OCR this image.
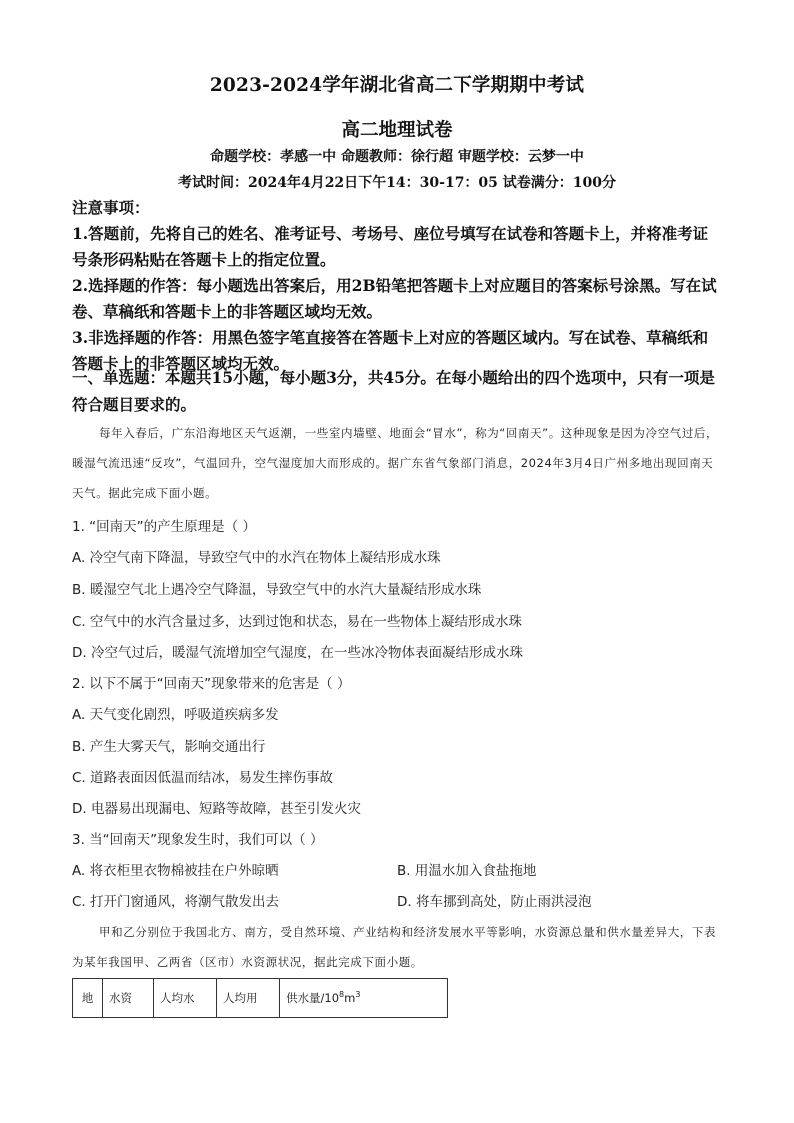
2023-2024学年湖北省高二下学期期中考试
高二地理试卷
命题学校：孝感一中 命题教师：徐行超 审题学校：云梦一中
考试时间：2024年4月22日下午14：30-17：05 试卷满分：100分

注意事项：

1.答题前，先将自己的姓名、准考证号、考场号、座位号填写在试卷和答题卡上，并将准考证号条形码粘贴在答题卡上的指定位置。

2.选择题的作答：每小题选出答案后，用2B铅笔把答题卡上对应题目的答案标号涂黑。写在试卷、草稿纸和答题卡上的非答题区域均无效。

3.非选择题的作答：用黑色签字笔直接答在答题卡上对应的答题区域内。写在试卷、草稿纸和答题卡上的非答题区域均无效。

一、单选题：本题共15小题，每小题3分，共45分。在每小题给出的四个选项中，只有一项是符合题目要求的。
每年入春后，广东沿海地区天气返潮，一些室内墙壁、地面会“冒水”，称为“回南天”。这种现象是因为冷空气过后，暖湿气流迅速“反攻”，气温回升，空气湿度加大而形成的。据广东省气象部门消息，2024年3月4日广州多地出现回南天天气。据此完成下面小题。
1. “回南天”的产生原理是（ ）
A. 冷空气南下降温，导致空气中的水汽在物体上凝结形成水珠
B. 暖湿空气北上遇冷空气降温，导致空气中的水汽大量凝结形成水珠
C. 空气中的水汽含量过多，达到过饱和状态，易在一些物体上凝结形成水珠
D. 冷空气过后，暖湿气流增加空气湿度，在一些冰冷物体表面凝结形成水珠
2. 以下不属于“回南天”现象带来的危害是（ ）
A. 天气变化剧烈，呼吸道疾病多发
B. 产生大雾天气，影响交通出行
C. 道路表面因低温而结冰，易发生摔伤事故
D. 电器易出现漏电、短路等故障，甚至引发火灾
3. 当“回南天”现象发生时，我们可以（ ）
A. 将衣柜里衣物棉被挂在户外晾晒	B. 用温水加入食盐拖地
C. 打开门窗通风，将潮气散发出去	D. 将车挪到高处，防止雨洪浸泡
甲和乙分别位于我国北方、南方，受自然环境、产业结构和经济发展水平等影响，水资源总量和供水量差异大，下表为某年我国甲、乙两省（区市）水资源状况，据此完成下面小题。
地	水资	人均水	人均用	供水量$/10^8m^3$
